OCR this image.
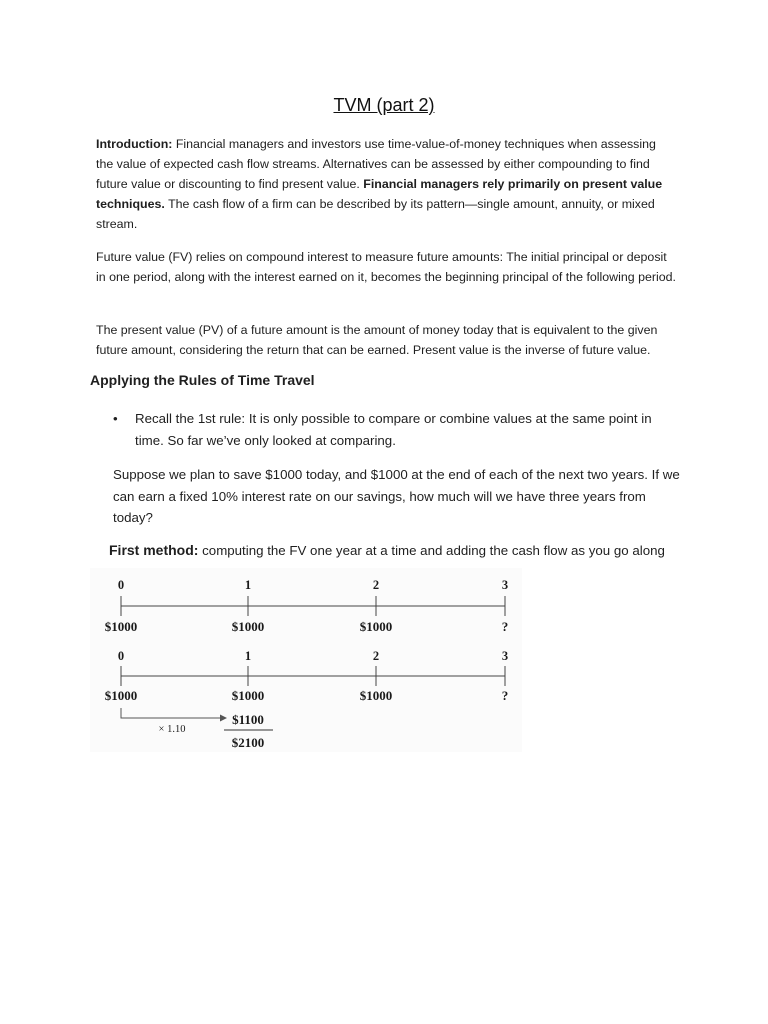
TVM (part 2)

Introduction: Financial managers and investors use time-value-of-money techniques when assessing the value of expected cash flow streams. Alternatives can be assessed by either compounding to find future value or discounting to find present value. Financial managers rely primarily on present value techniques. The cash flow of a firm can be described by its pattern—single amount, annuity, or mixed stream.

Future value (FV) relies on compound interest to measure future amounts: The initial principal or deposit in one period, along with the interest earned on it, becomes the beginning principal of the following period.

The present value (PV) of a future amount is the amount of money today that is equivalent to the given future amount, considering the return that can be earned. Present value is the inverse of future value.

Applying the Rules of Time Travel
• Recall the 1st rule: It is only possible to compare or combine values at the same point in time. So far we’ve only looked at comparing.
Suppose we plan to save $1000 today, and $1000 at the end of each of the next two years. If we can earn a fixed 10% interest rate on our savings, how much will we have three years from today?
First method: computing the FV one year at a time and adding the cash flow as you go along
0	1	2	3
$1000	$1000	$1000	?
0	1	2	3
$1000	$1000	$1000	?
× 1.10
$1100
$2100
